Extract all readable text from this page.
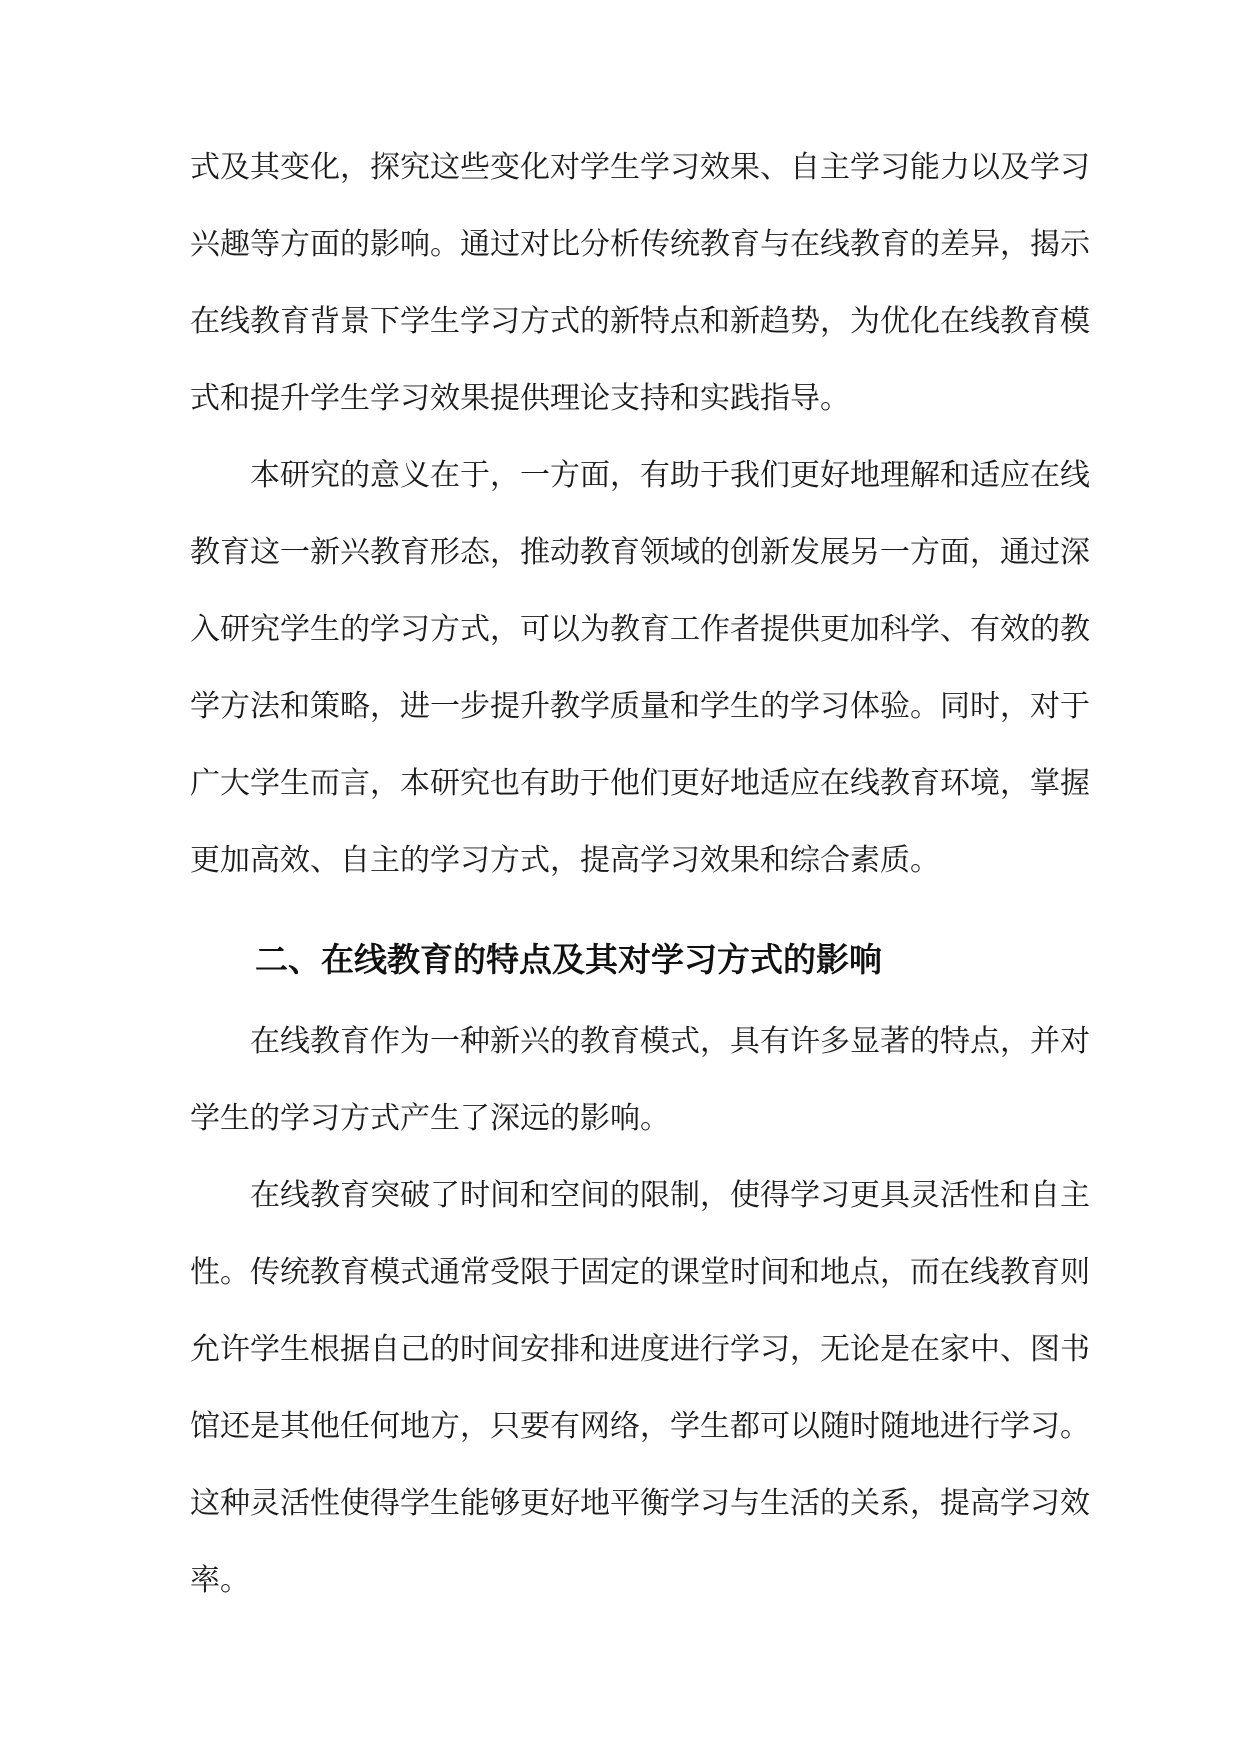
式及其变化，探究这些变化对学生学习效果、自主学习能力以及学习
兴趣等方面的影响。通过对比分析传统教育与在线教育的差异，揭示
在线教育背景下学生学习方式的新特点和新趋势，为优化在线教育模
式和提升学生学习效果提供理论支持和实践指导。
本研究的意义在于，一方面，有助于我们更好地理解和适应在线
教育这一新兴教育形态，推动教育领域的创新发展另一方面，通过深
入研究学生的学习方式，可以为教育工作者提供更加科学、有效的教
学方法和策略，进一步提升教学质量和学生的学习体验。同时，对于
广大学生而言，本研究也有助于他们更好地适应在线教育环境，掌握
更加高效、自主的学习方式，提高学习效果和综合素质。
二、在线教育的特点及其对学习方式的影响
在线教育作为一种新兴的教育模式，具有许多显著的特点，并对
学生的学习方式产生了深远的影响。
在线教育突破了时间和空间的限制，使得学习更具灵活性和自主
性。传统教育模式通常受限于固定的课堂时间和地点，而在线教育则
允许学生根据自己的时间安排和进度进行学习，无论是在家中、图书
馆还是其他任何地方，只要有网络，学生都可以随时随地进行学习。
这种灵活性使得学生能够更好地平衡学习与生活的关系，提高学习效
率。
